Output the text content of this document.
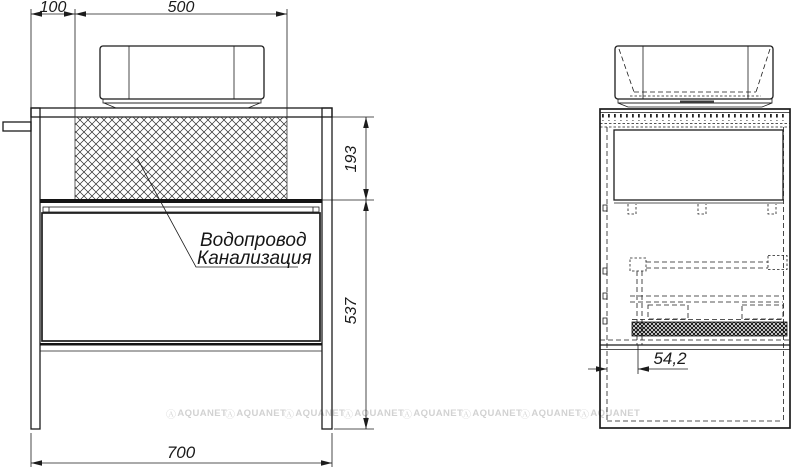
100	500
193
537
700
54,2
Водопровод
Канализация
Ⓐ AQUANET
Ⓐ AQUANET
Ⓐ AQUANET
Ⓐ AQUANET
Ⓐ AQUANET
Ⓐ AQUANET
Ⓐ AQUANET
Ⓐ AQUANET
